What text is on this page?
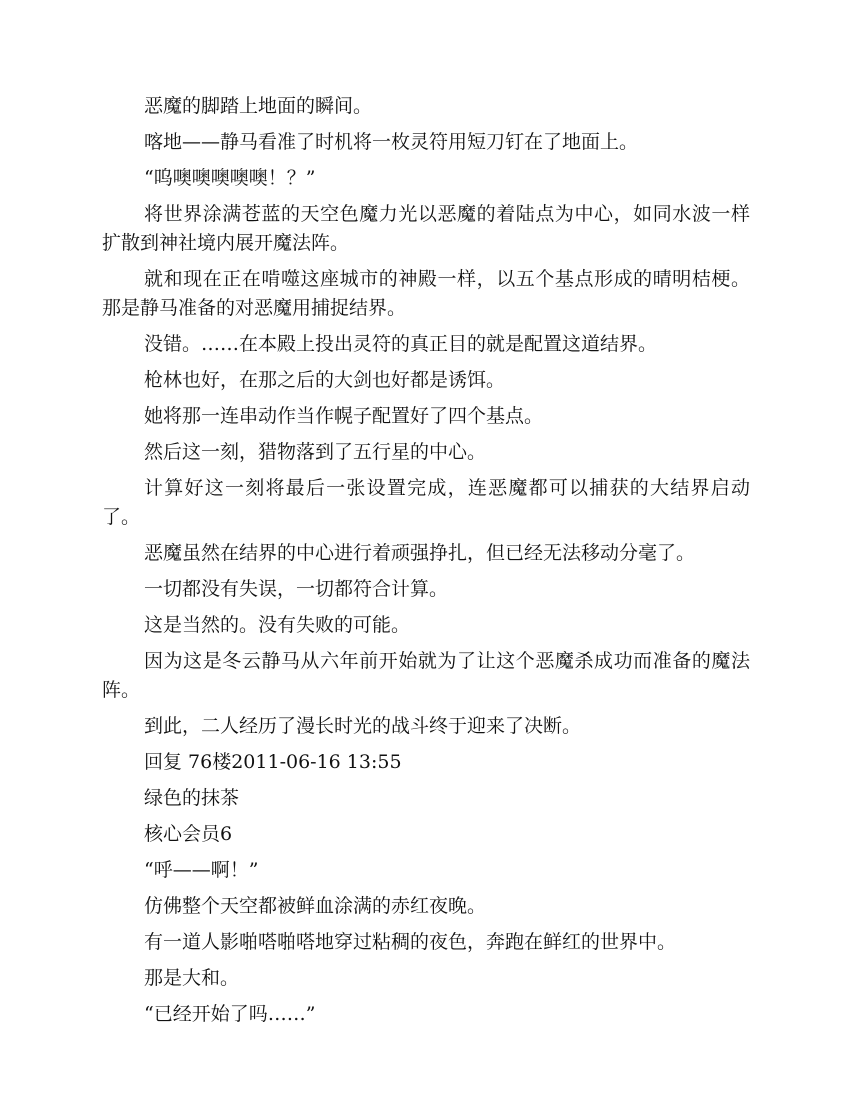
恶魔的脚踏上地面的瞬间。

喀地——静马看准了时机将一枚灵符用短刀钉在了地面上。

“呜噢噢噢噢噢！？”

将世界涂满苍蓝的天空色魔力光以恶魔的着陆点为中心，如同水波一样扩散到神社境内展开魔法阵。

就和现在正在啃噬这座城市的神殿一样，以五个基点形成的晴明桔梗。那是静马准备的对恶魔用捕捉结界。

没错。……在本殿上投出灵符的真正目的就是配置这道结界。

枪林也好，在那之后的大剑也好都是诱饵。

她将那一连串动作当作幌子配置好了四个基点。

然后这一刻，猎物落到了五行星的中心。

计算好这一刻将最后一张设置完成，连恶魔都可以捕获的大结界启动了。

恶魔虽然在结界的中心进行着顽强挣扎，但已经无法移动分毫了。

一切都没有失误，一切都符合计算。

这是当然的。没有失败的可能。

因为这是冬云静马从六年前开始就为了让这个恶魔杀成功而准备的魔法阵。

到此，二人经历了漫长时光的战斗终于迎来了决断。

回复 76楼2011-06-16 13:55

绿色的抹茶

核心会员6

“呼——啊！”

仿佛整个天空都被鲜血涂满的赤红夜晚。

有一道人影啪嗒啪嗒地穿过粘稠的夜色，奔跑在鲜红的世界中。

那是大和。

“已经开始了吗……”
